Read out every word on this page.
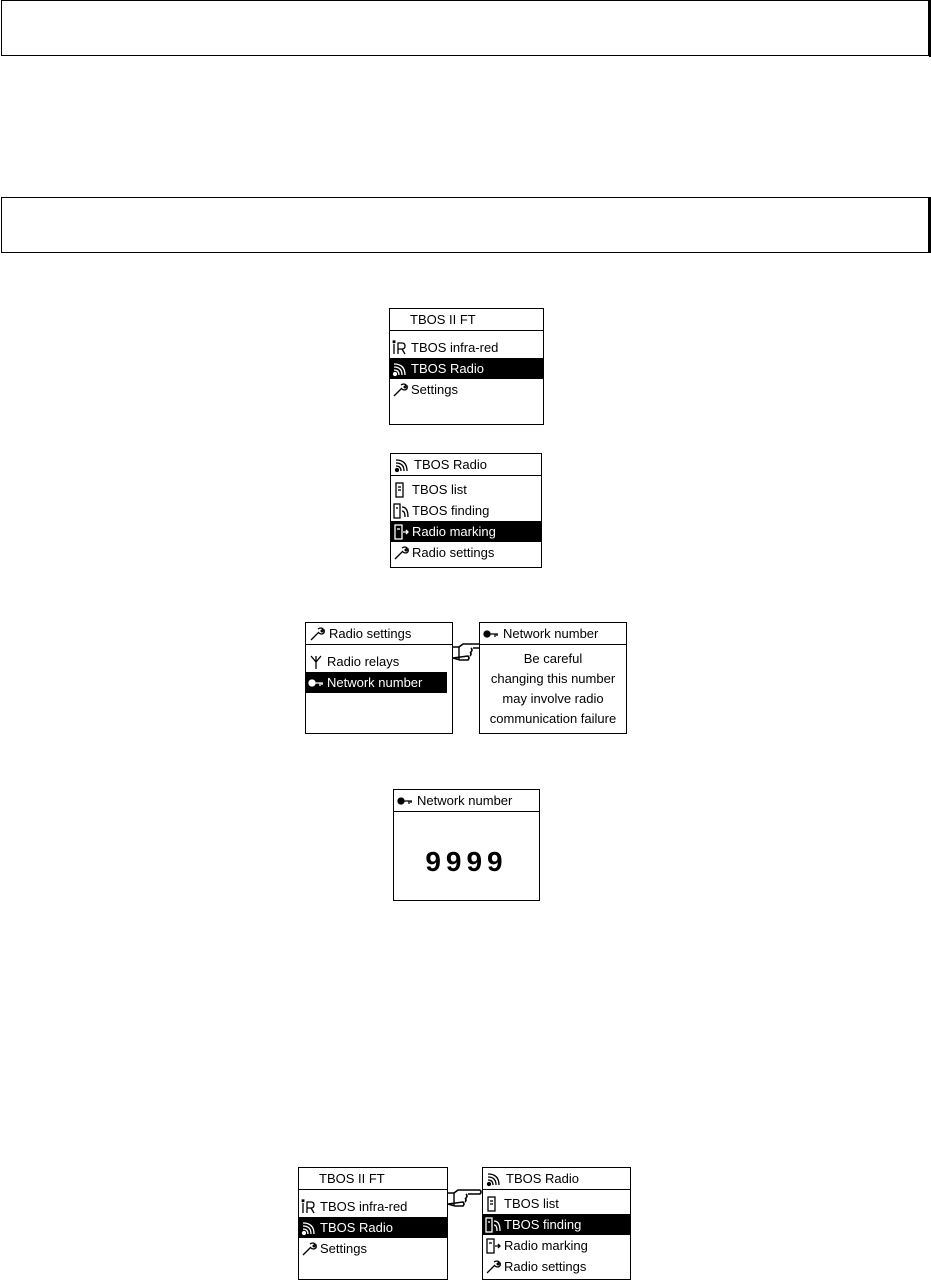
TBOS II FT
TBOS infra-red
TBOS Radio
Settings
TBOS Radio
TBOS list
TBOS finding
Radio marking
Radio settings
Radio settings
Radio relays
Network number
Network number
Be careful
changing this number
may involve radio
communication failure
Network number
9999
TBOS II FT
TBOS infra-red
TBOS Radio
Settings
TBOS Radio
TBOS list
TBOS finding
Radio marking
Radio settings
